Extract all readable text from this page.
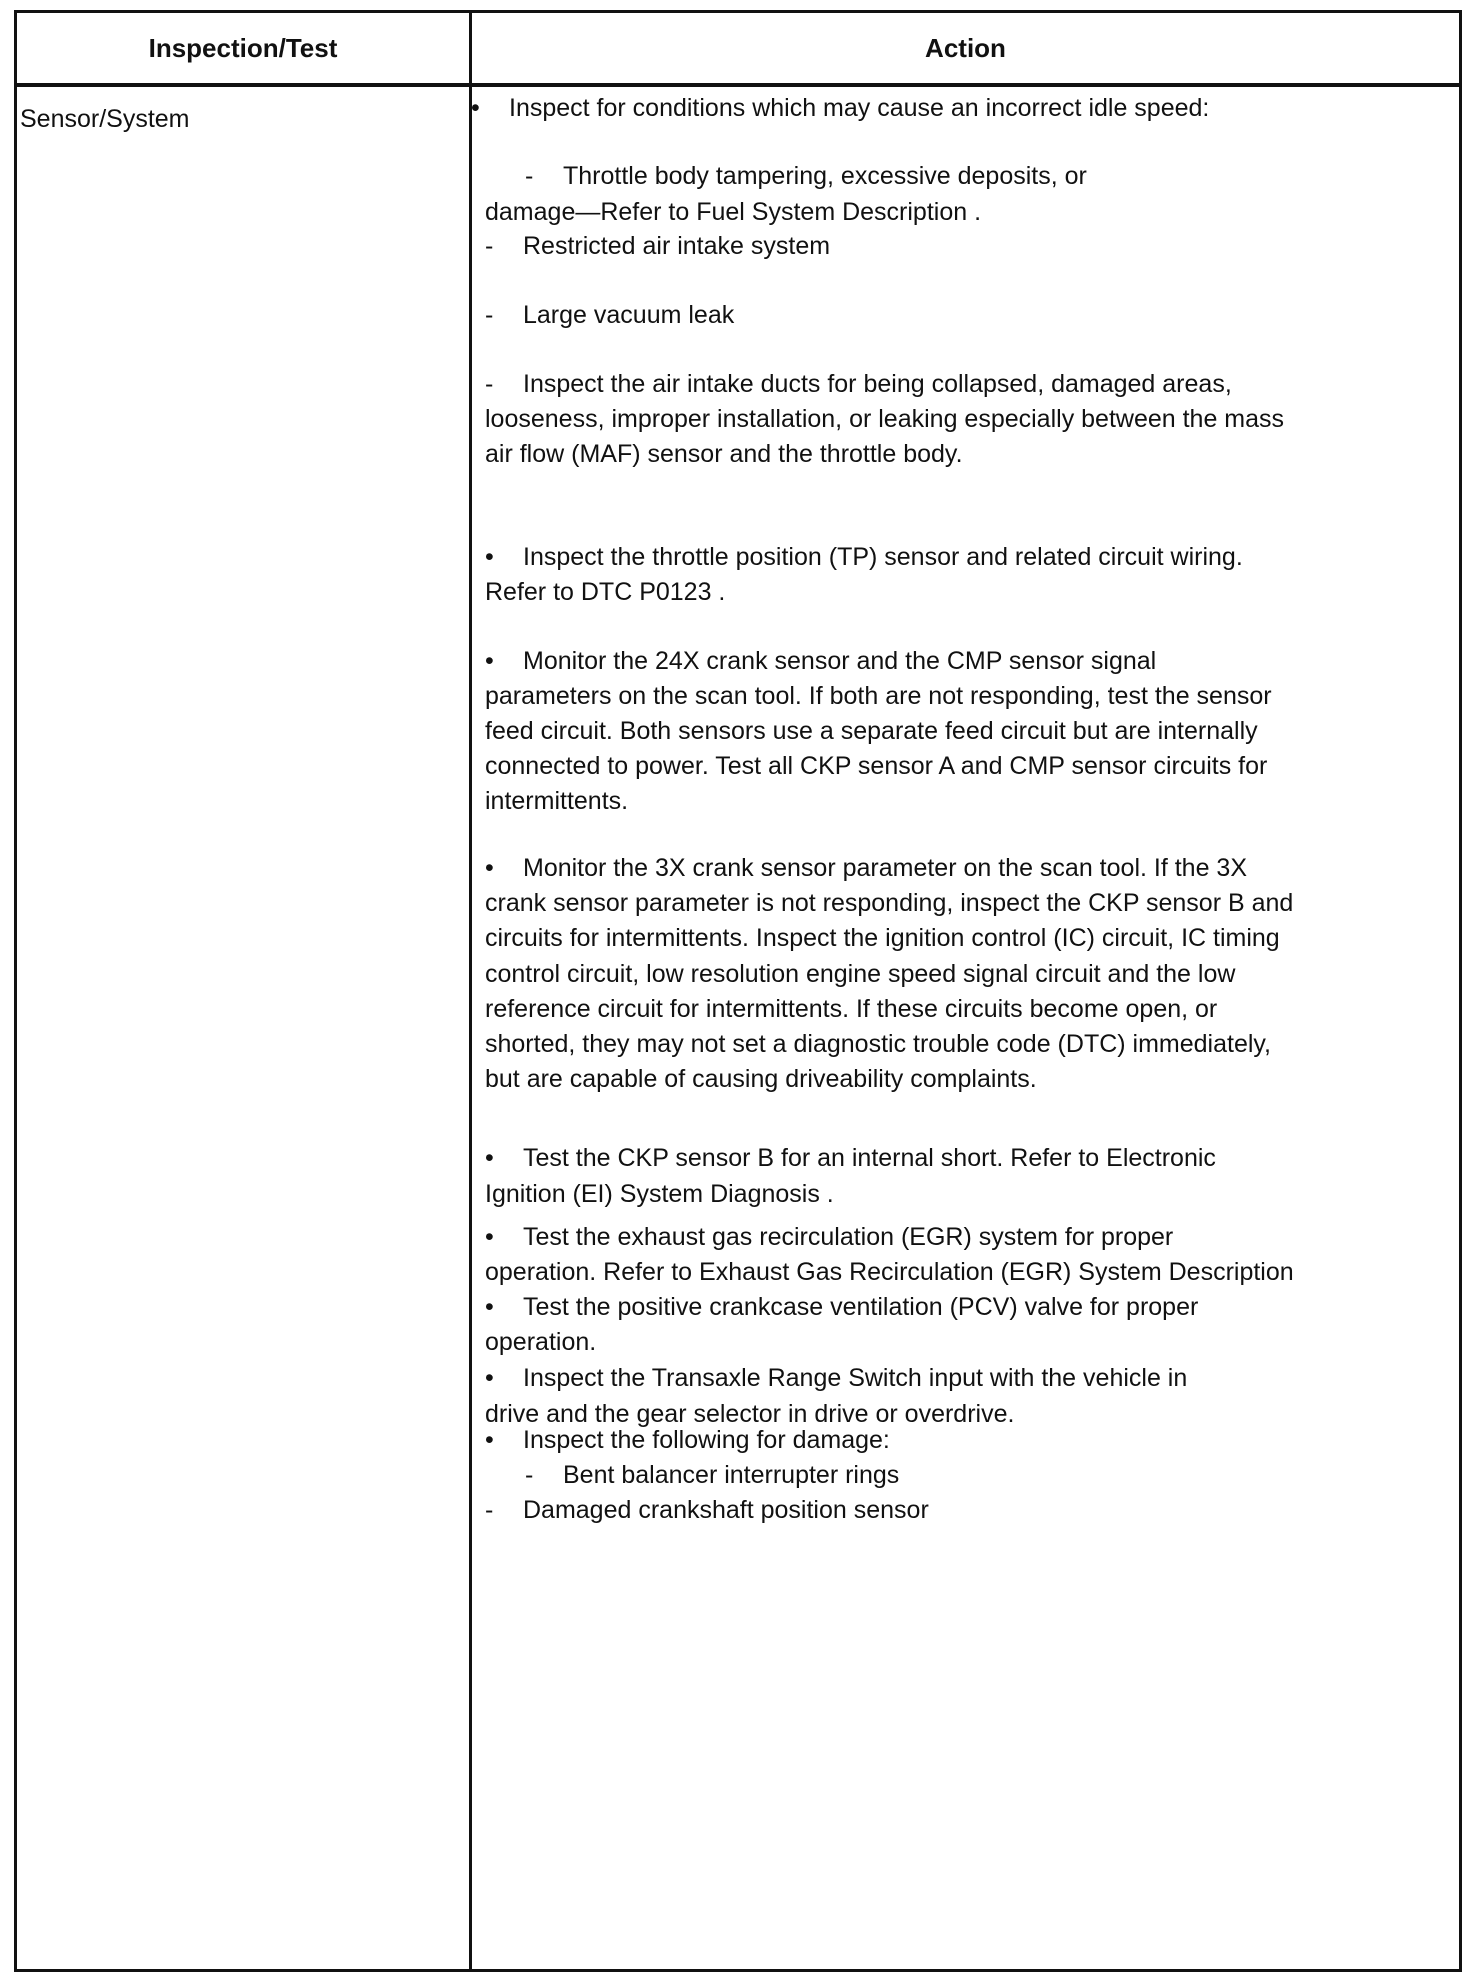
Inspection/Test	Action
Sensor/System	• Inspect for conditions which may cause an incorrect idle speed:
- Throttle body tampering, excessive deposits, or
damage—Refer to Fuel System Description .
- Restricted air intake system
- Large vacuum leak
- Inspect the air intake ducts for being collapsed, damaged areas,
looseness, improper installation, or leaking especially between the mass
air flow (MAF) sensor and the throttle body.
• Inspect the throttle position (TP) sensor and related circuit wiring.
Refer to DTC P0123 .
• Monitor the 24X crank sensor and the CMP sensor signal
parameters on the scan tool. If both are not responding, test the sensor
feed circuit. Both sensors use a separate feed circuit but are internally
connected to power. Test all CKP sensor A and CMP sensor circuits for
intermittents.
• Monitor the 3X crank sensor parameter on the scan tool. If the 3X
crank sensor parameter is not responding, inspect the CKP sensor B and
circuits for intermittents. Inspect the ignition control (IC) circuit, IC timing
control circuit, low resolution engine speed signal circuit and the low
reference circuit for intermittents. If these circuits become open, or
shorted, they may not set a diagnostic trouble code (DTC) immediately,
but are capable of causing driveability complaints.
• Test the CKP sensor B for an internal short. Refer to Electronic
Ignition (EI) System Diagnosis .
• Test the exhaust gas recirculation (EGR) system for proper
operation. Refer to Exhaust Gas Recirculation (EGR) System Description
• Test the positive crankcase ventilation (PCV) valve for proper
operation.
• Inspect the Transaxle Range Switch input with the vehicle in
drive and the gear selector in drive or overdrive.
• Inspect the following for damage:
- Bent balancer interrupter rings
- Damaged crankshaft position sensor
